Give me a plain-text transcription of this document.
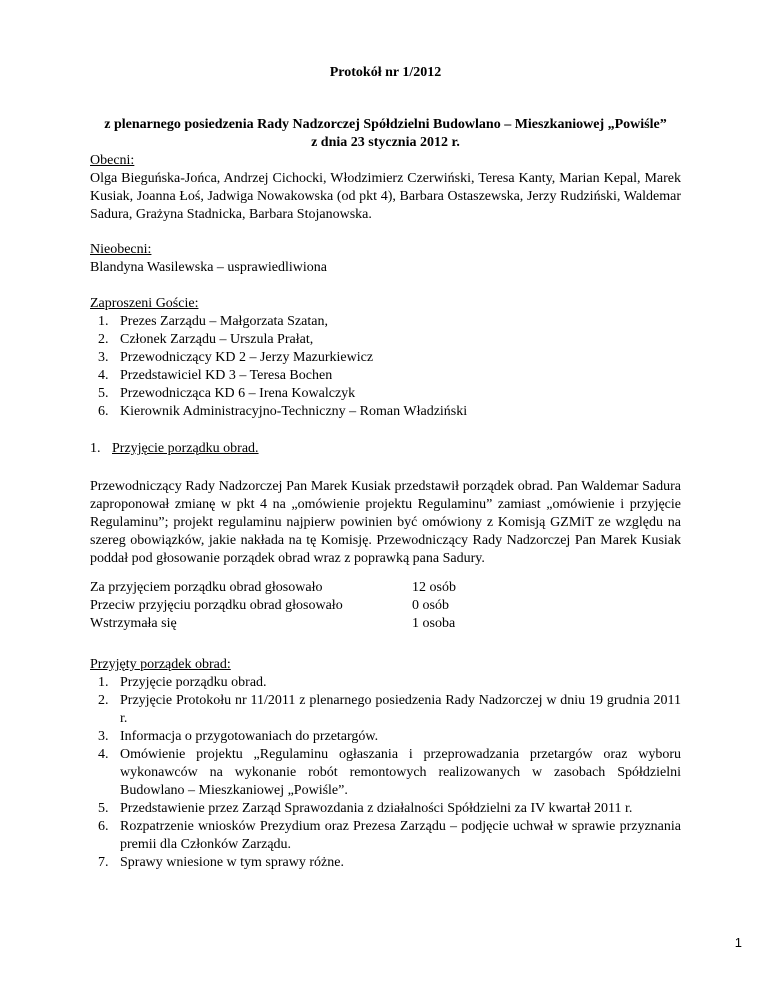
Protokół nr 1/2012
z plenarnego posiedzenia Rady Nadzorczej Spółdzielni Budowlano – Mieszkaniowej „Powiśle”
z dnia 23 stycznia 2012 r.

Obecni:

Olga Bieguńska-Jońca, Andrzej Cichocki, Włodzimierz Czerwiński, Teresa Kanty, Marian Kepal, Marek Kusiak, Joanna Łoś, Jadwiga Nowakowska (od pkt 4), Barbara Ostaszewska, Jerzy Rudziński, Waldemar Sadura, Grażyna Stadnicka, Barbara Stojanowska.

Nieobecni:

Blandyna Wasilewska – usprawiedliwiona

Zaproszeni Goście:

1. Prezes Zarządu – Małgorzata Szatan,
2. Członek Zarządu – Urszula Prałat,
3. Przewodniczący KD 2 – Jerzy Mazurkiewicz
4. Przedstawiciel KD 3 – Teresa Bochen
5. Przewodnicząca KD 6 – Irena Kowalczyk
6. Kierownik Administracyjno-Techniczny – Roman Władziński
1. Przyjęcie porządku obrad.
Przewodniczący Rady Nadzorczej Pan Marek Kusiak przedstawił porządek obrad. Pan Waldemar Sadura zaproponował zmianę w pkt 4 na „omówienie projektu Regulaminu” zamiast „omówienie i przyjęcie Regulaminu”; projekt regulaminu najpierw powinien być omówiony z Komisją GZMiT ze względu na szereg obowiązków, jakie nakłada na tę Komisję. Przewodniczący Rady Nadzorczej Pan Marek Kusiak poddał pod głosowanie porządek obrad wraz z poprawką pana Sadury.
Za przyjęciem porządku obrad głosowało	12 osób
Przeciw przyjęciu porządku obrad głosowało	0 osób
Wstrzymała się	1 osoba

Przyjęty porządek obrad:

1. Przyjęcie porządku obrad.
2. Przyjęcie Protokołu nr 11/2011 z plenarnego posiedzenia Rady Nadzorczej w dniu 19 grudnia 2011 r.
3. Informacja o przygotowaniach do przetargów.
4. Omówienie projektu „Regulaminu ogłaszania i przeprowadzania przetargów oraz wyboru wykonawców na wykonanie robót remontowych realizowanych w zasobach Spółdzielni Budowlano – Mieszkaniowej „Powiśle”.
5. Przedstawienie przez Zarząd Sprawozdania z działalności Spółdzielni za IV kwartał 2011 r.
6. Rozpatrzenie wniosków Prezydium oraz Prezesa Zarządu – podjęcie uchwał w sprawie przyznania premii dla Członków Zarządu.
7. Sprawy wniesione w tym sprawy różne.
1
